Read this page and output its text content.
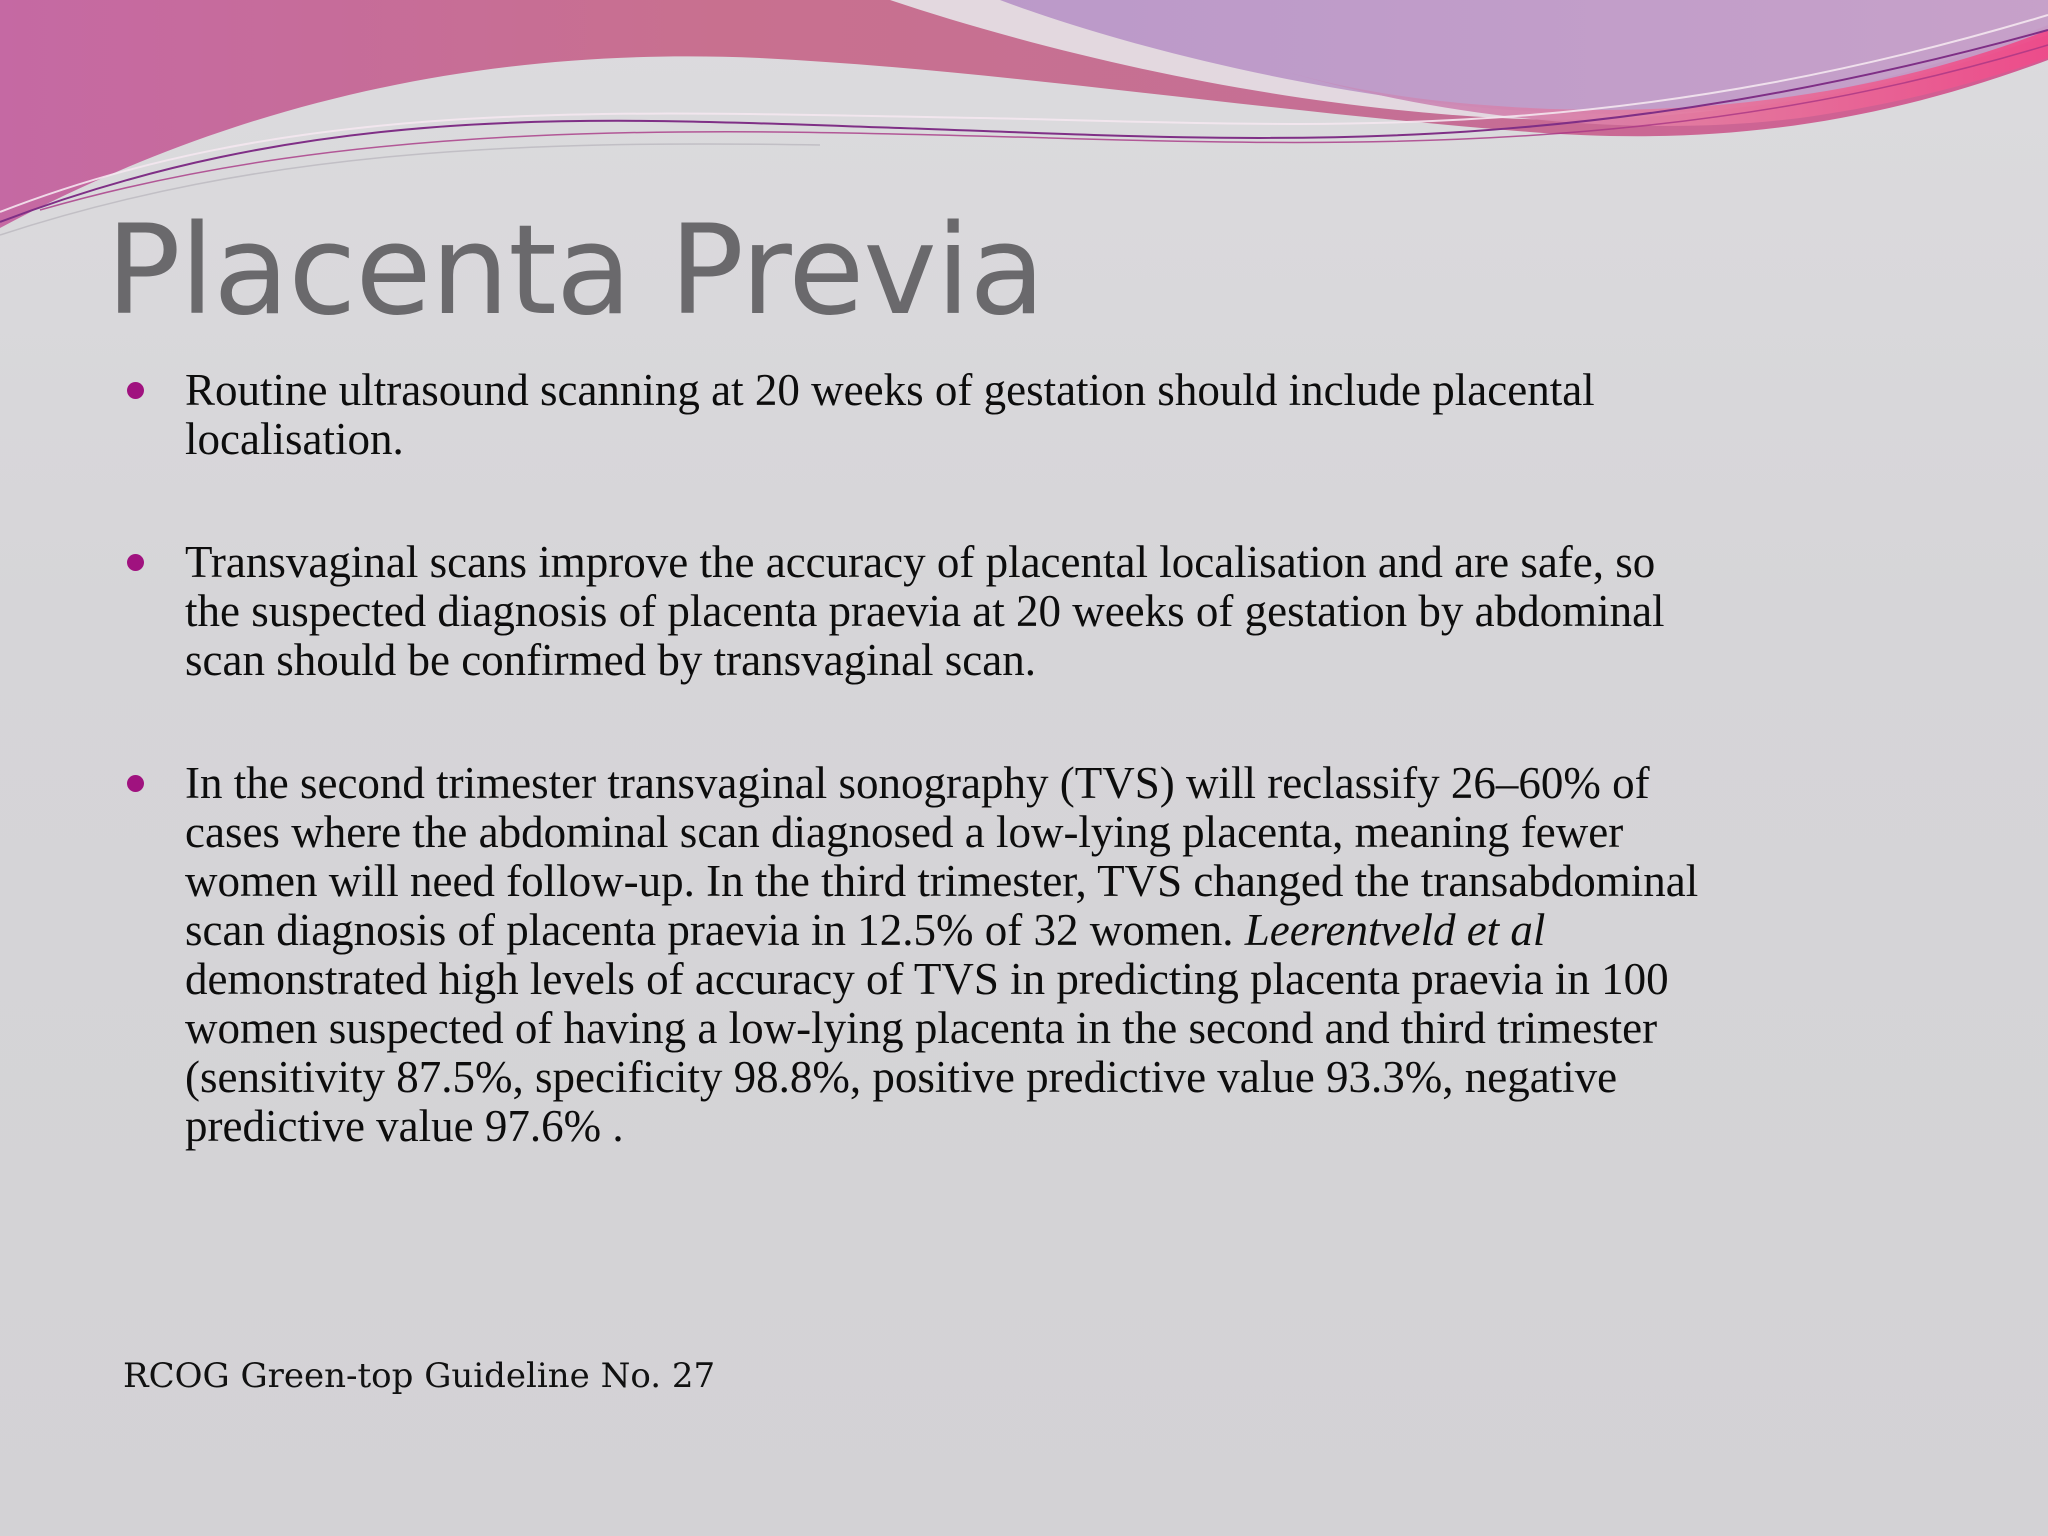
Placenta Previa
Routine ultrasound scanning at 20 weeks of gestation should include placental
localisation.
Transvaginal scans improve the accuracy of placental localisation and are safe, so
the suspected diagnosis of placenta praevia at 20 weeks of gestation by abdominal
scan should be confirmed by transvaginal scan.
In the second trimester transvaginal sonography (TVS) will reclassify 26–60% of
cases where the abdominal scan diagnosed a low-lying placenta, meaning fewer
women will need follow-up. In the third trimester, TVS changed the transabdominal
scan diagnosis of placenta praevia in 12.5% of 32 women. Leerentveld et al
demonstrated high levels of accuracy of TVS in predicting placenta praevia in 100
women suspected of having a low-lying placenta in the second and third trimester
(sensitivity 87.5%, specificity 98.8%, positive predictive value 93.3%, negative
predictive value 97.6% .
RCOG Green-top Guideline No. 27
